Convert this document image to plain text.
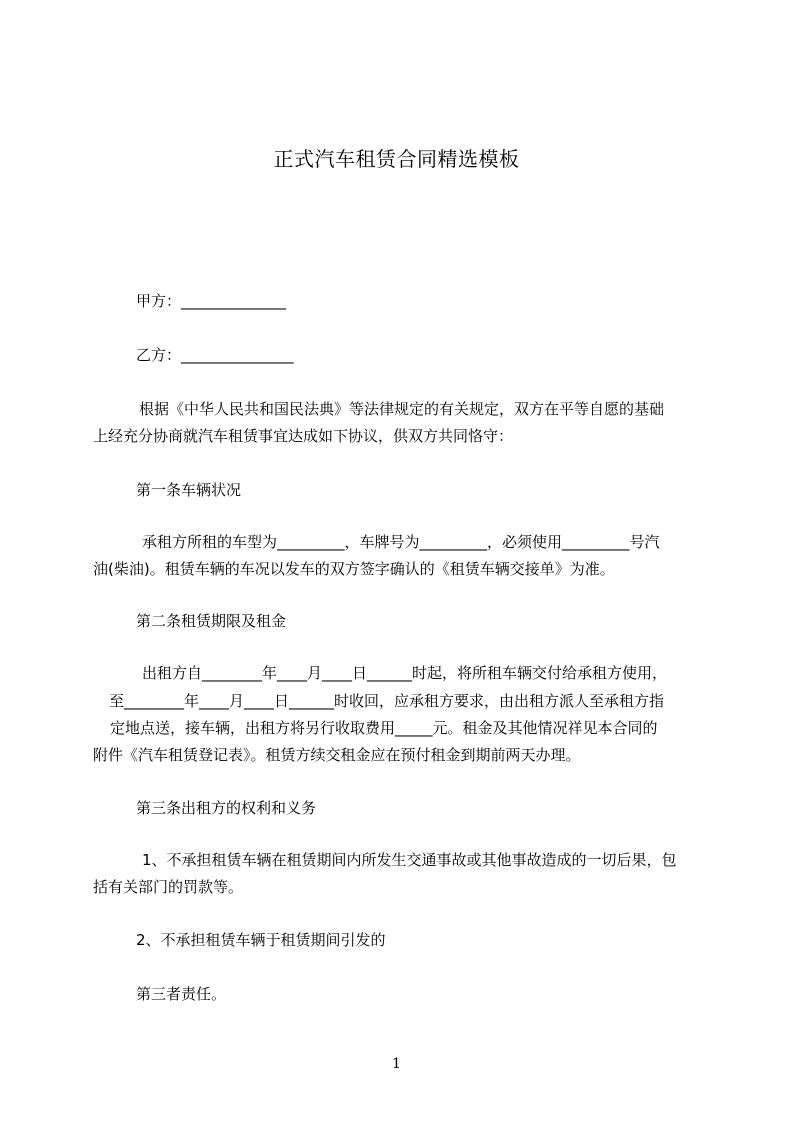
正式汽车租赁合同精选模板
甲方：______________
乙方：_______________
根据《中华人民共和国民法典》等法律规定的有关规定，双方在平等自愿的基础
上经充分协商就汽车租赁事宜达成如下协议，供双方共同恪守：
第一条车辆状况
承租方所租的车型为_________，车牌号为_________，必须使用_________号汽
油(柴油)。租赁车辆的车况以发车的双方签字确认的《租赁车辆交接单》为准。
第二条租赁期限及租金
出租方自________年____月____日______时起，将所租车辆交付给承租方使用，
至________年____月____日______时收回，应承租方要求，由出租方派人至承租方指
定地点送，接车辆，出租方将另行收取费用_____元。租金及其他情况祥见本合同的
附件《汽车租赁登记表》。租赁方续交租金应在预付租金到期前两天办理。
第三条出租方的权利和义务
1、不承担租赁车辆在租赁期间内所发生交通事故或其他事故造成的一切后果，包
括有关部门的罚款等。
2、不承担租赁车辆于租赁期间引发的
第三者责任。
1
